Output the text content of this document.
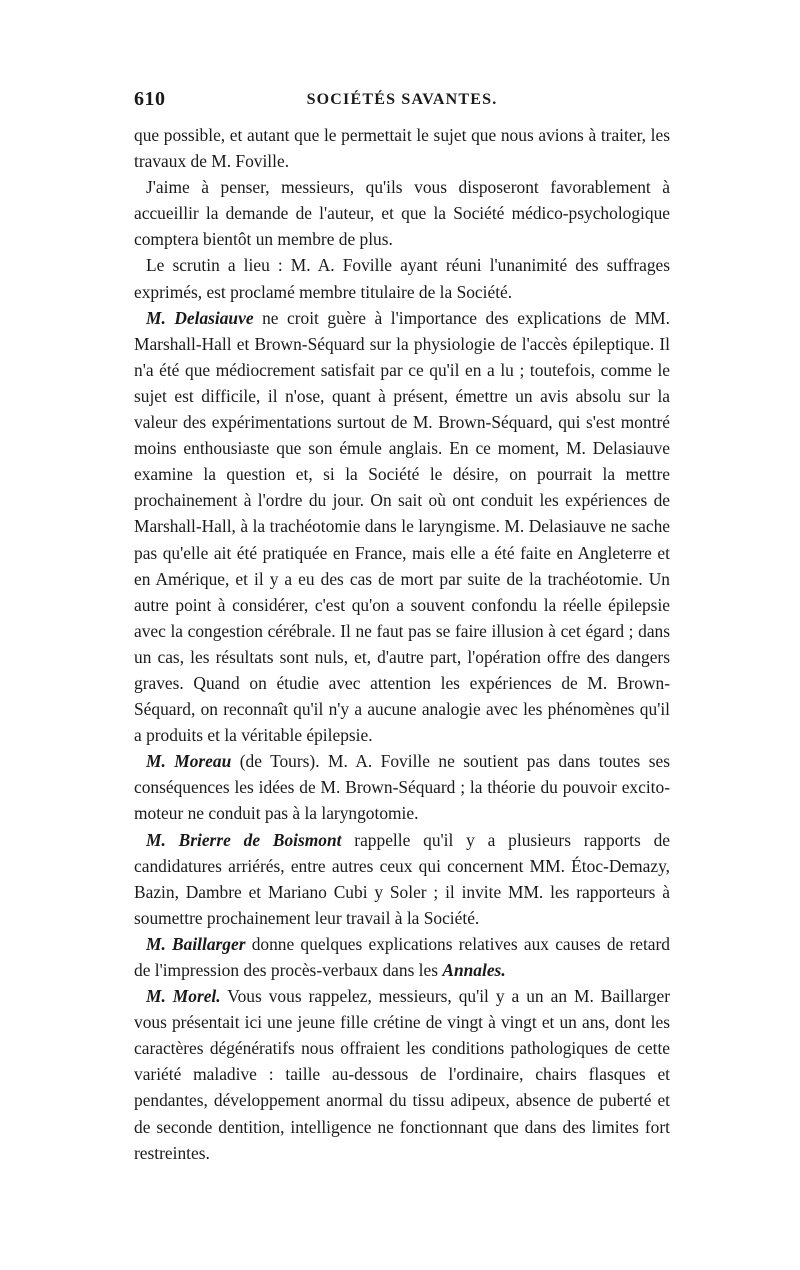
610	SOCIÉTÉS SAVANTES.

que possible, et autant que le permettait le sujet que nous avions à traiter, les travaux de M. Foville.

J'aime à penser, messieurs, qu'ils vous disposeront favorablement à accueillir la demande de l'auteur, et que la Société médico-psychologique comptera bientôt un membre de plus.

Le scrutin a lieu : M. A. Foville ayant réuni l'unanimité des suffrages exprimés, est proclamé membre titulaire de la Société.

M. Delasiauve ne croit guère à l'importance des explications de MM. Marshall-Hall et Brown-Séquard sur la physiologie de l'accès épileptique. Il n'a été que médiocrement satisfait par ce qu'il en a lu ; toutefois, comme le sujet est difficile, il n'ose, quant à présent, émettre un avis absolu sur la valeur des expérimentations surtout de M. Brown-Séquard, qui s'est montré moins enthousiaste que son émule anglais. En ce moment, M. Delasiauve examine la question et, si la Société le désire, on pourrait la mettre prochainement à l'ordre du jour. On sait où ont conduit les expériences de Marshall-Hall, à la trachéotomie dans le laryngisme. M. Delasiauve ne sache pas qu'elle ait été pratiquée en France, mais elle a été faite en Angleterre et en Amérique, et il y a eu des cas de mort par suite de la trachéotomie. Un autre point à considérer, c'est qu'on a souvent confondu la réelle épilepsie avec la congestion cérébrale. Il ne faut pas se faire illusion à cet égard ; dans un cas, les résultats sont nuls, et, d'autre part, l'opération offre des dangers graves. Quand on étudie avec attention les expériences de M. Brown-Séquard, on reconnaît qu'il n'y a aucune analogie avec les phénomènes qu'il a produits et la véritable épilepsie.

M. Moreau (de Tours). M. A. Foville ne soutient pas dans toutes ses conséquences les idées de M. Brown-Séquard ; la théorie du pouvoir excito-moteur ne conduit pas à la laryngotomie.

M. Brierre de Boismont rappelle qu'il y a plusieurs rapports de candidatures arriérés, entre autres ceux qui concernent MM. Étoc-Demazy, Bazin, Dambre et Mariano Cubi y Soler ; il invite MM. les rapporteurs à soumettre prochainement leur travail à la Société.

M. Baillarger donne quelques explications relatives aux causes de retard de l'impression des procès-verbaux dans les Annales.

M. Morel. Vous vous rappelez, messieurs, qu'il y a un an M. Baillarger vous présentait ici une jeune fille crétine de vingt à vingt et un ans, dont les caractères dégénératifs nous offraient les conditions pathologiques de cette variété maladive : taille au-dessous de l'ordinaire, chairs flasques et pendantes, développement anormal du tissu adipeux, absence de puberté et de seconde dentition, intelligence ne fonctionnant que dans des limites fort restreintes.
